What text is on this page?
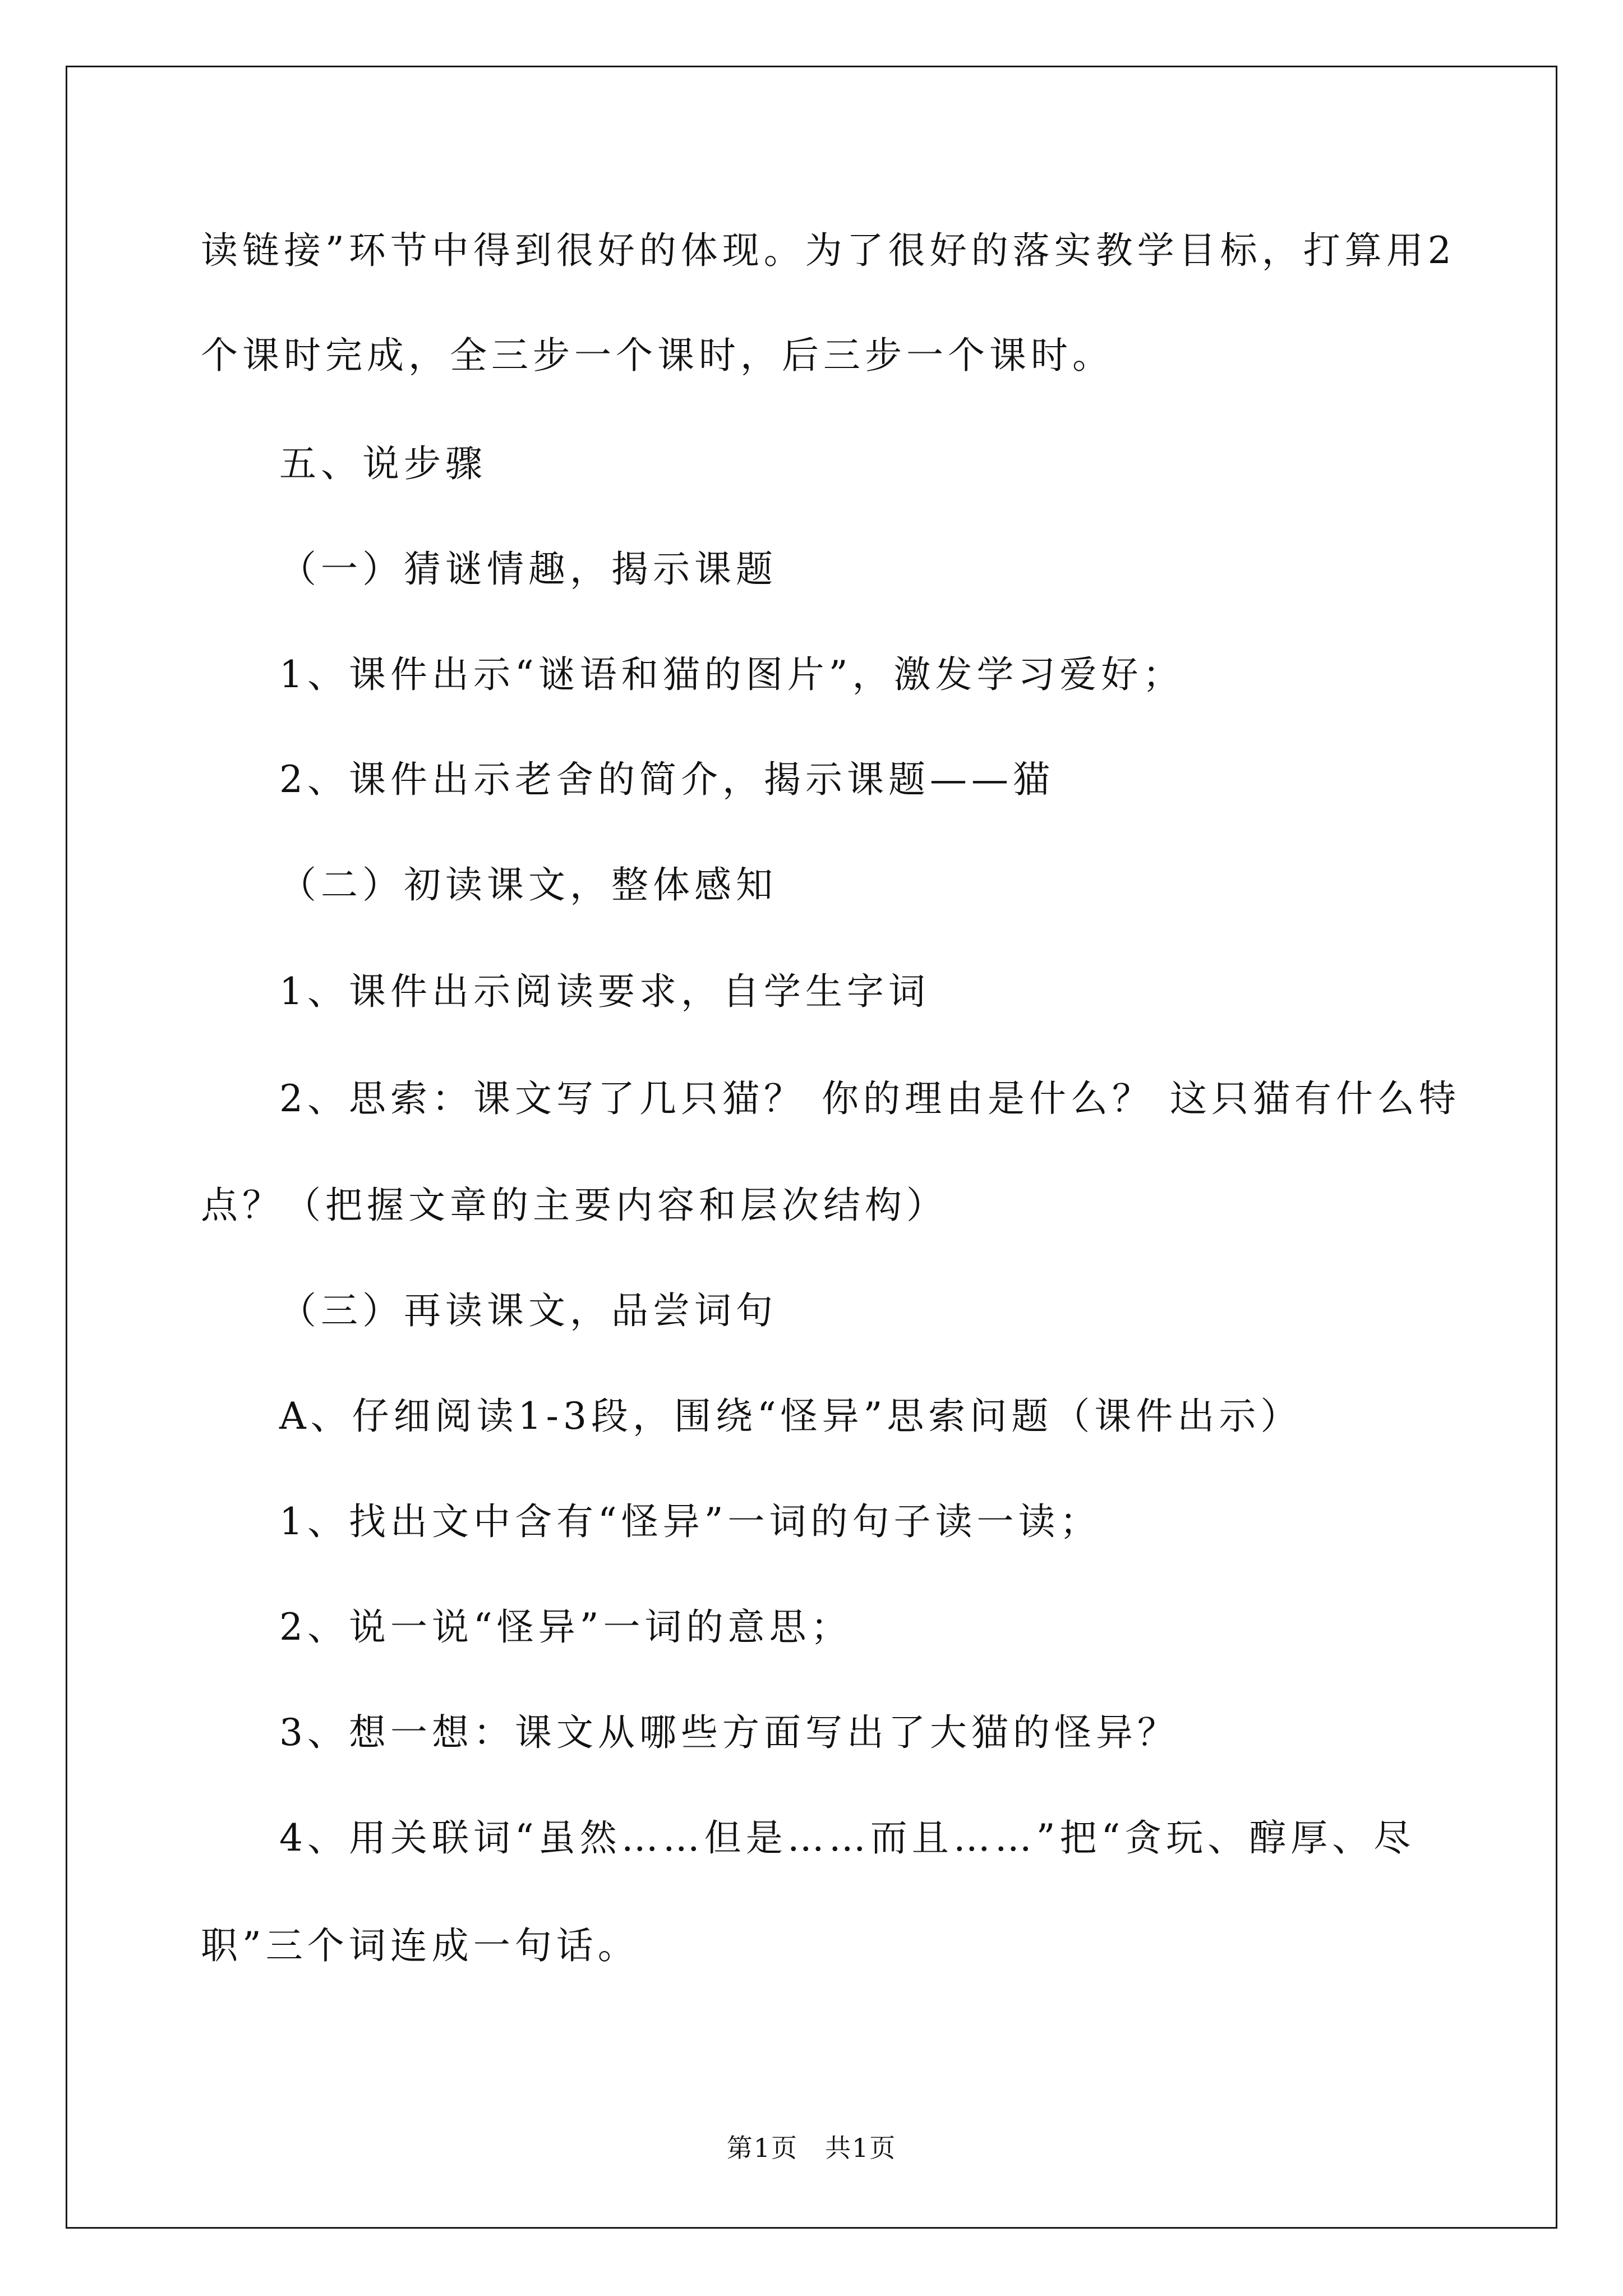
读链接”环节中得到很好的体现。为了很好的落实教学目标，打算用2
个课时完成，全三步一个课时，后三步一个课时。
五、说步骤
（一）猜谜情趣，揭示课题
1、课件出示“谜语和猫的图片”，激发学习爱好；
2、课件出示老舍的简介，揭示课题——猫
（二）初读课文，整体感知
1、课件出示阅读要求，自学生字词
2、思索：课文写了几只猫？ 你的理由是什么？ 这只猫有什么特
点？（把握文章的主要内容和层次结构）
（三）再读课文，品尝词句
A、仔细阅读1-3段，围绕“怪异”思索问题（课件出示）
1、找出文中含有“怪异”一词的句子读一读；
2、说一说“怪异”一词的意思；
3、想一想：课文从哪些方面写出了大猫的怪异？
4、用关联词“虽然……但是……而且……”把“贪玩、醇厚、尽
职”三个词连成一句话。
第1页　共1页
